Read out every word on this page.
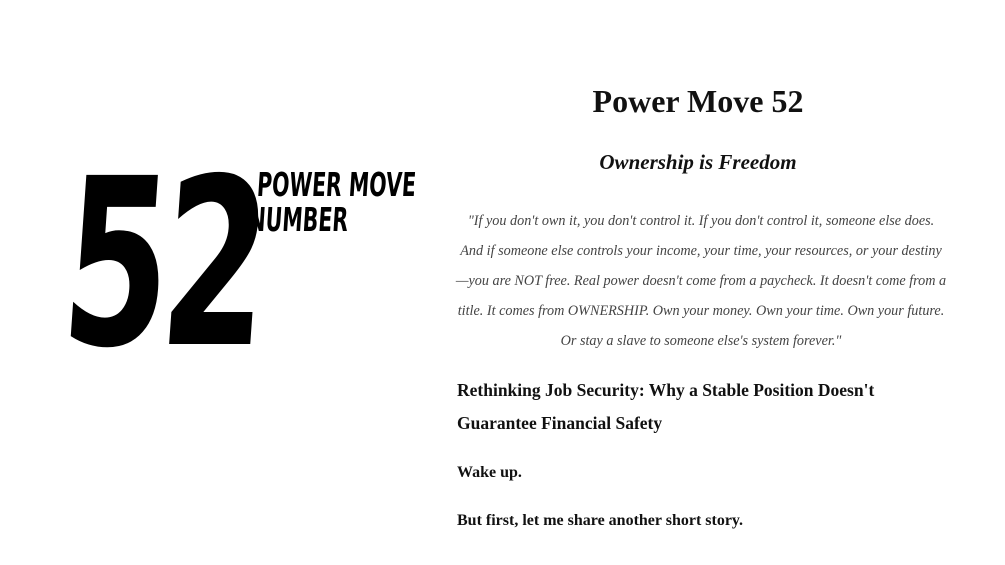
52
POWER MOVE
NUMBER
Power Move 52
Ownership is Freedom

"If you don't own it, you don't control it. If you don't control it, someone else does. And if someone else controls your income, your time, your resources, or your destiny—you are NOT free. Real power doesn't come from a paycheck. It doesn't come from a title. It comes from OWNERSHIP. Own your money. Own your time. Own your future. Or stay a slave to someone else's system forever."

Rethinking Job Security: Why a Stable Position Doesn't Guarantee Financial Safety

Wake up.

But first, let me share another short story.
